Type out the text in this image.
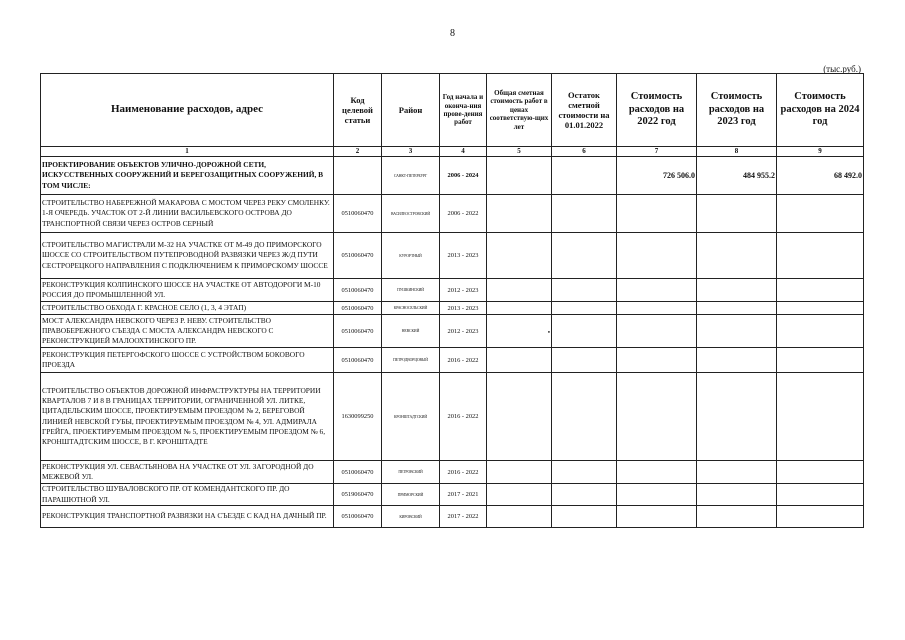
8
(тыс.руб.)
Наименование расходов, адрес	Код целевой статьи	Район	Год начала и оконча-ния прове-дения работ	Общая сметная стоимость работ в ценах соответствую-щих лет	Остаток сметной стоимости на 01.01.2022	Стоимость расходов на 2022 год	Стоимость расходов на 2023 год	Стоимость расходов на 2024 год
1	2	3	4	5	6	7	8	9
ПРОЕКТИРОВАНИЕ ОБЪЕКТОВ УЛИЧНО-ДОРОЖНОЙ СЕТИ, ИСКУССТВЕННЫХ СООРУЖЕНИЙ И БЕРЕГОЗАЩИТНЫХ СООРУЖЕНИЙ, В ТОМ ЧИСЛЕ:		САНКТ-ПЕТЕРБУРГ	2006 - 2024			726 506.0	484 955.2	68 492.0
СТРОИТЕЛЬСТВО НАБЕРЕЖНОЙ МАКАРОВА С МОСТОМ ЧЕРЕЗ РЕКУ СМОЛЕНКУ. 1-Я ОЧЕРЕДЬ. УЧАСТОК ОТ 2-Й ЛИНИИ ВАСИЛЬЕВСКОГО ОСТРОВА ДО ТРАНСПОРТНОЙ СВЯЗИ ЧЕРЕЗ ОСТРОВ СЕРНЫЙ	0510060470	ВАСИЛЕОСТРОВСКИЙ	2006 - 2022					
СТРОИТЕЛЬСТВО МАГИСТРАЛИ М-32 НА УЧАСТКЕ ОТ М-49 ДО ПРИМОРСКОГО ШОССЕ СО СТРОИТЕЛЬСТВОМ ПУТЕПРОВОДНОЙ РАЗВЯЗКИ ЧЕРЕЗ Ж/Д ПУТИ СЕСТРОРЕЦКОГО НАПРАВЛЕНИЯ С ПОДКЛЮЧЕНИЕМ К ПРИМОРСКОМУ ШОССЕ	0510060470	КУРОРТНЫЙ	2013 - 2023					
РЕКОНСТРУКЦИЯ КОЛПИНСКОГО ШОССЕ НА УЧАСТКЕ ОТ АВТОДОРОГИ М-10 РОССИЯ ДО ПРОМЫШЛЕННОЙ УЛ.	0510060470	ПУШКИНСКИЙ	2012 - 2023					
СТРОИТЕЛЬСТВО ОБХОДА Г. КРАСНОЕ СЕЛО (1, 3, 4 ЭТАП)	0510060470	КРАСНОСЕЛЬСКИЙ	2013 - 2023					
МОСТ АЛЕКСАНДРА НЕВСКОГО ЧЕРЕЗ Р. НЕВУ. СТРОИТЕЛЬСТВО ПРАВОБЕРЕЖНОГО СЪЕЗДА С МОСТА АЛЕКСАНДРА НЕВСКОГО С РЕКОНСТРУКЦИЕЙ МАЛООХТИНСКОГО ПР.	0510060470	НЕВСКИЙ	2012 - 2023	•				
РЕКОНСТРУКЦИЯ ПЕТЕРГОФСКОГО ШОССЕ С УСТРОЙСТВОМ БОКОВОГО ПРОЕЗДА	0510060470	ПЕТРОДВОРЦОВЫЙ	2016 - 2022					
СТРОИТЕЛЬСТВО ОБЪЕКТОВ ДОРОЖНОЙ ИНФРАСТРУКТУРЫ НА ТЕРРИТОРИИ КВАРТАЛОВ 7 И 8 В ГРАНИЦАХ ТЕРРИТОРИИ, ОГРАНИЧЕННОЙ УЛ. ЛИТКЕ, ЦИТАДЕЛЬСКИМ ШОССЕ, ПРОЕКТИРУЕМЫМ ПРОЕЗДОМ № 2, БЕРЕГОВОЙ ЛИНИЕЙ НЕВСКОЙ ГУБЫ, ПРОЕКТИРУЕМЫМ ПРОЕЗДОМ № 4, УЛ. АДМИРАЛА ГРЕЙГА, ПРОЕКТИРУЕМЫМ ПРОЕЗДОМ № 5, ПРОЕКТИРУЕМЫМ ПРОЕЗДОМ № 6, КРОНШТАДТСКИМ ШОССЕ, В Г. КРОНШТАДТЕ	1630099250	КРОНШТАДТСКИЙ	2016 - 2022					
РЕКОНСТРУКЦИЯ УЛ. СЕВАСТЬЯНОВА НА УЧАСТКЕ ОТ УЛ. ЗАГОРОДНОЙ ДО МЕЖЕВОЙ УЛ.	0510060470	ПЕТРОВСКИЙ	2016 - 2022					
СТРОИТЕЛЬСТВО ШУВАЛОВСКОГО ПР. ОТ КОМЕНДАНТСКОГО ПР. ДО ПАРАШЮТНОЙ УЛ.	0519060470	ПРИМОРСКИЙ	2017 - 2021					
РЕКОНСТРУКЦИЯ ТРАНСПОРТНОЙ РАЗВЯЗКИ НА СЪЕЗДЕ С КАД НА ДАЧНЫЙ ПР.	0510060470	КИРОВСКИЙ	2017 - 2022					
